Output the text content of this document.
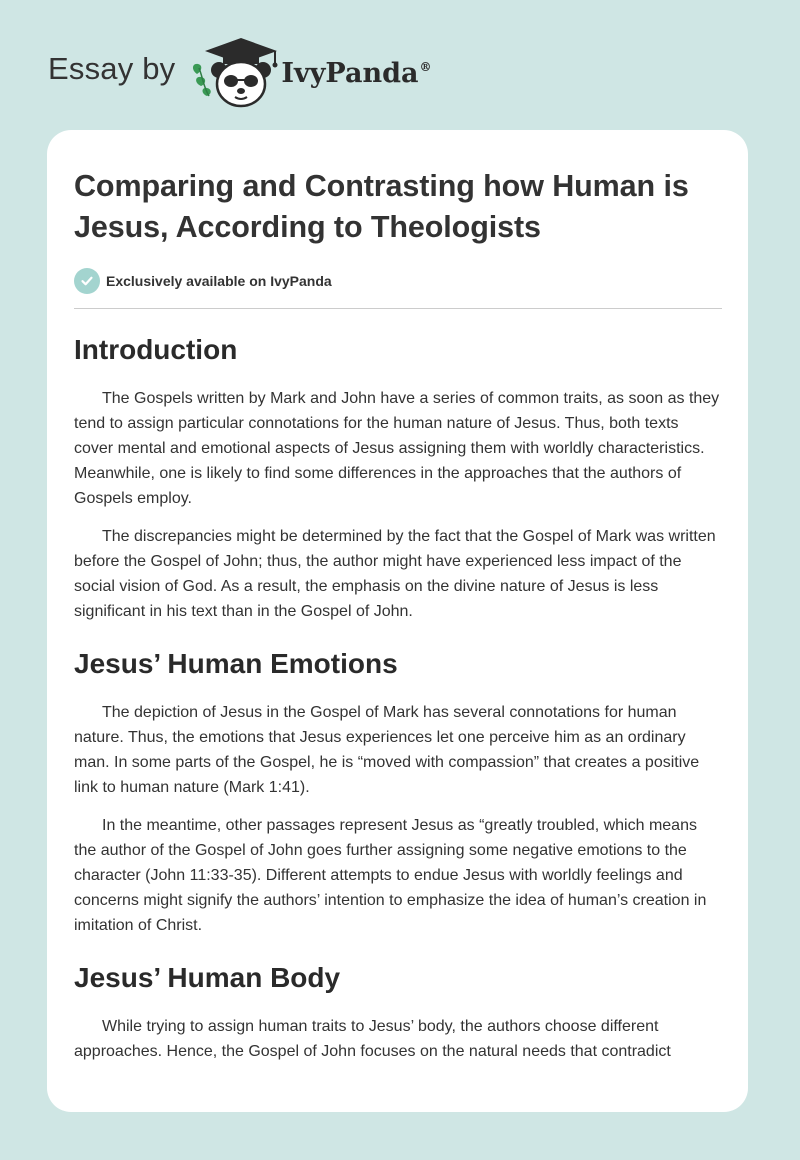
Essay by	IvyPanda®
Comparing and Contrasting how Human is Jesus, According to Theologists
Exclusively available on IvyPanda
Introduction

The Gospels written by Mark and John have a series of common traits, as soon as they tend to assign particular connotations for the human nature of Jesus. Thus, both texts cover mental and emotional aspects of Jesus assigning them with worldly characteristics. Meanwhile, one is likely to find some differences in the approaches that the authors of Gospels employ.

The discrepancies might be determined by the fact that the Gospel of Mark was written before the Gospel of John; thus, the author might have experienced less impact of the social vision of God. As a result, the emphasis on the divine nature of Jesus is less significant in his text than in the Gospel of John.

Jesus’ Human Emotions

The depiction of Jesus in the Gospel of Mark has several connotations for human nature. Thus, the emotions that Jesus experiences let one perceive him as an ordinary man. In some parts of the Gospel, he is “moved with compassion” that creates a positive link to human nature (Mark 1:41).

In the meantime, other passages represent Jesus as “greatly troubled, which means the author of the Gospel of John goes further assigning some negative emotions to the character (John 11:33-35). Different attempts to endue Jesus with worldly feelings and concerns might signify the authors’ intention to emphasize the idea of human’s creation in imitation of Christ.

Jesus’ Human Body

While trying to assign human traits to Jesus’ body, the authors choose different approaches. Hence, the Gospel of John focuses on the natural needs that contradict
